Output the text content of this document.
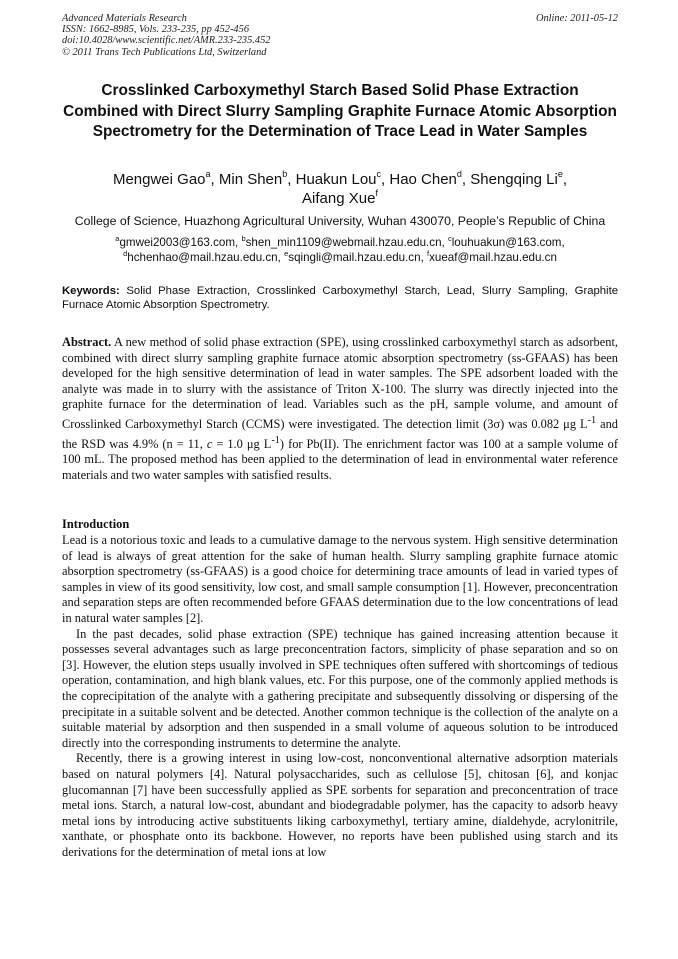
Advanced Materials Research
ISSN: 1662-8985, Vols. 233-235, pp 452-456
doi:10.4028/www.scientific.net/AMR.233-235.452
© 2011 Trans Tech Publications Ltd, Switzerland
Online: 2011-05-12
Crosslinked Carboxymethyl Starch Based Solid Phase Extraction Combined with Direct Slurry Sampling Graphite Furnace Atomic Absorption Spectrometry for the Determination of Trace Lead in Water Samples
Mengwei Gao$^a$, Min Shen$^b$, Huakun Lou$^c$, Hao Chen$^d$, Shengqing Li$^e$,
Aifang Xue$^f$
College of Science, Huazhong Agricultural University, Wuhan 430070, People’s Republic of China
$^a$gmwei2003@163.com, $^b$shen_min1109@webmail.hzau.edu.cn, $^c$louhuakun@163.com,
$^d$hchenhao@mail.hzau.edu.cn, $^e$sqingli@mail.hzau.edu.cn, $^f$xueaf@mail.hzau.edu.cn
Keywords: Solid Phase Extraction, Crosslinked Carboxymethyl Starch, Lead, Slurry Sampling, Graphite Furnace Atomic Absorption Spectrometry.

Abstract. A new method of solid phase extraction (SPE), using crosslinked carboxymethyl starch as adsorbent, combined with direct slurry sampling graphite furnace atomic absorption spectrometry (ss-GFAAS) has been developed for the high sensitive determination of lead in water samples. The SPE adsorbent loaded with the analyte was made in to slurry with the assistance of Triton X-100. The slurry was directly injected into the graphite furnace for the determination of lead. Variables such as the pH, sample volume, and amount of Crosslinked Carboxymethyl Starch (CCMS) were investigated. The detection limit (3σ) was 0.082 μg $L^{-1}$ and the RSD was 4.9% (n = 11, c = 1.0 μg $L^{-1}$) for Pb(II). The enrichment factor was 100 at a sample volume of 100 mL. The proposed method has been applied to the determination of lead in environmental water reference materials and two water samples with satisfied results.

Introduction

Lead is a notorious toxic and leads to a cumulative damage to the nervous system. High sensitive determination of lead is always of great attention for the sake of human health. Slurry sampling graphite furnace atomic absorption spectrometry (ss-GFAAS) is a good choice for determining trace amounts of lead in varied types of samples in view of its good sensitivity, low cost, and small sample consumption [1]. However, preconcentration and separation steps are often recommended before GFAAS determination due to the low concentrations of lead in natural water samples [2].

In the past decades, solid phase extraction (SPE) technique has gained increasing attention because it possesses several advantages such as large preconcentration factors, simplicity of phase separation and so on [3]. However, the elution steps usually involved in SPE techniques often suffered with shortcomings of tedious operation, contamination, and high blank values, etc. For this purpose, one of the commonly applied methods is the coprecipitation of the analyte with a gathering precipitate and subsequently dissolving or dispersing of the precipitate in a suitable solvent and be detected. Another common technique is the collection of the analyte on a suitable material by adsorption and then suspended in a small volume of aqueous solution to be introduced directly into the corresponding instruments to determine the analyte.

Recently, there is a growing interest in using low-cost, nonconventional alternative adsorption materials based on natural polymers [4]. Natural polysaccharides, such as cellulose [5], chitosan [6], and konjac glucomannan [7] have been successfully applied as SPE sorbents for separation and preconcentration of trace metal ions. Starch, a natural low-cost, abundant and biodegradable polymer, has the capacity to adsorb heavy metal ions by introducing active substituents liking carboxymethyl, tertiary amine, dialdehyde, acrylonitrile, xanthate, or phosphate onto its backbone. However, no reports have been published using starch and its derivations for the determination of metal ions at low
